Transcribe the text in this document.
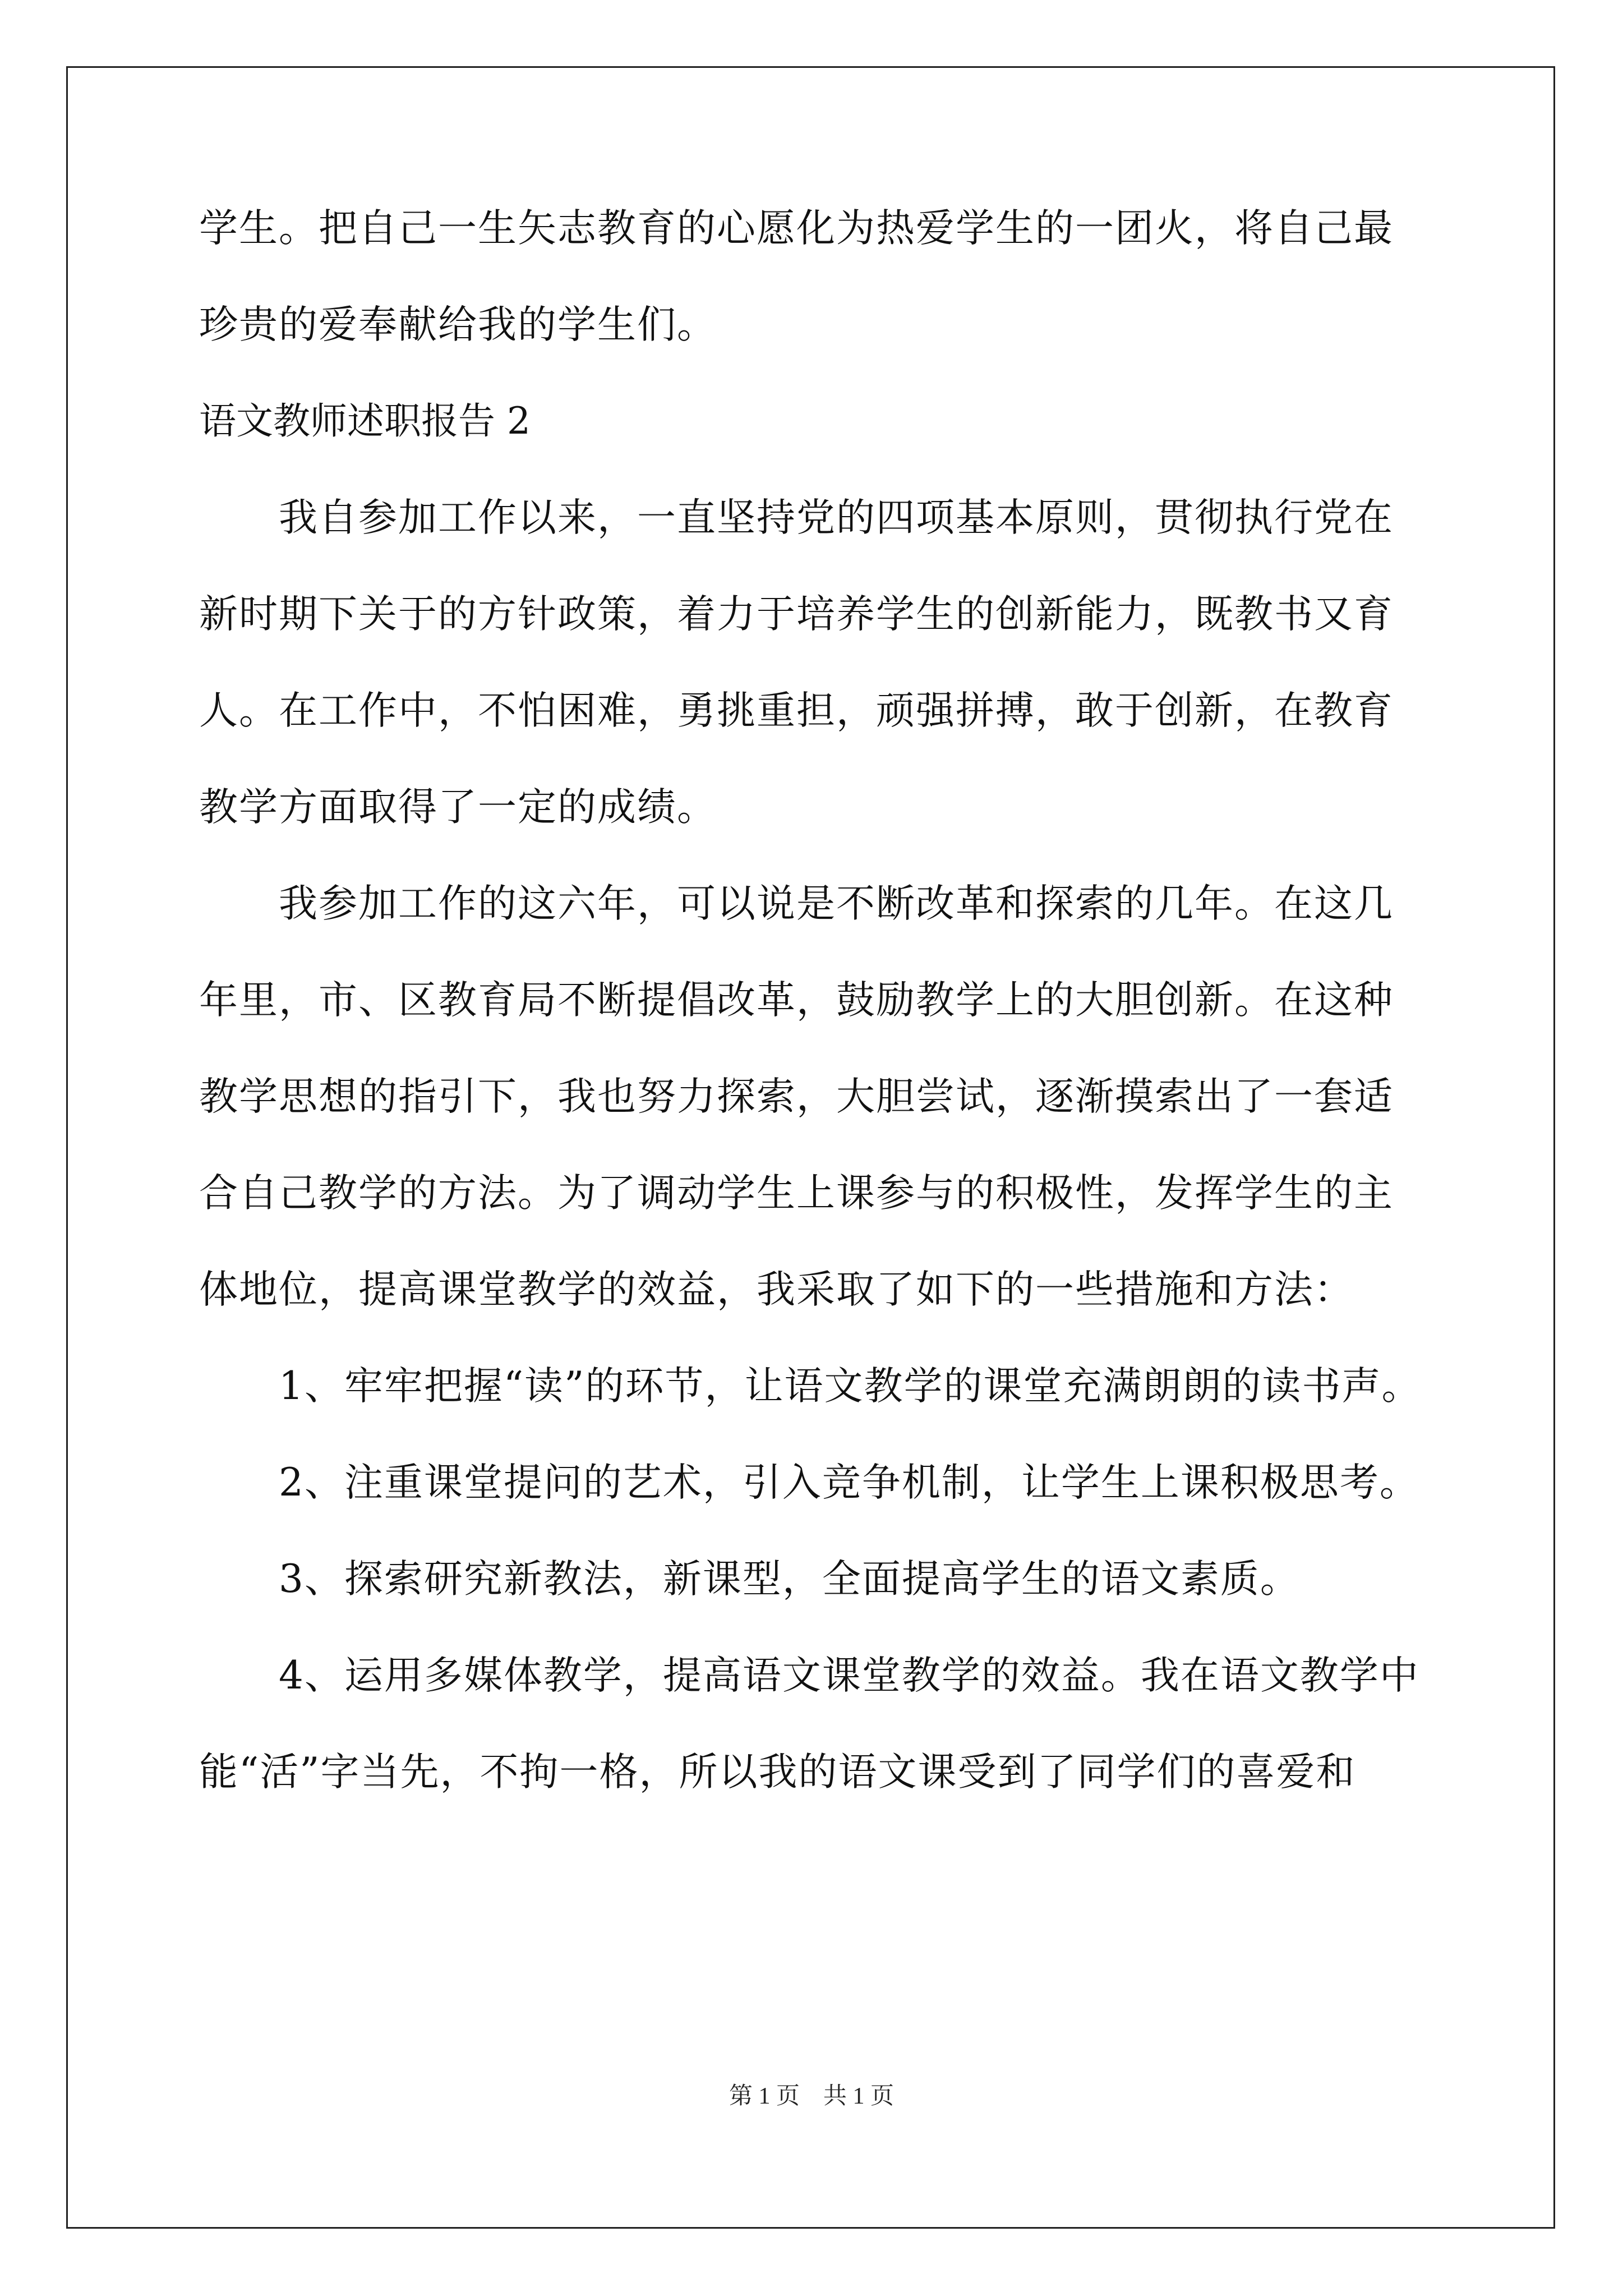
学生。把自己一生矢志教育的心愿化为热爱学生的一团火，将自己最
珍贵的爱奉献给我的学生们。
语文教师述职报告 2
　　我自参加工作以来，一直坚持党的四项基本原则，贯彻执行党在
新时期下关于的方针政策，着力于培养学生的创新能力，既教书又育
人。在工作中，不怕困难，勇挑重担，顽强拼搏，敢于创新，在教育
教学方面取得了一定的成绩。
　　我参加工作的这六年，可以说是不断改革和探索的几年。在这几
年里，市、区教育局不断提倡改革，鼓励教学上的大胆创新。在这种
教学思想的指引下，我也努力探索，大胆尝试，逐渐摸索出了一套适
合自己教学的方法。为了调动学生上课参与的积极性，发挥学生的主
体地位，提高课堂教学的效益，我采取了如下的一些措施和方法：
　　1、牢牢把握“读”的环节，让语文教学的课堂充满朗朗的读书声。
　　2、注重课堂提问的艺术，引入竞争机制，让学生上课积极思考。
　　3、探索研究新教法，新课型，全面提高学生的语文素质。
　　4、运用多媒体教学，提高语文课堂教学的效益。我在语文教学中
能“活”字当先，不拘一格，所以我的语文课受到了同学们的喜爱和
第 1 页　共 1 页
